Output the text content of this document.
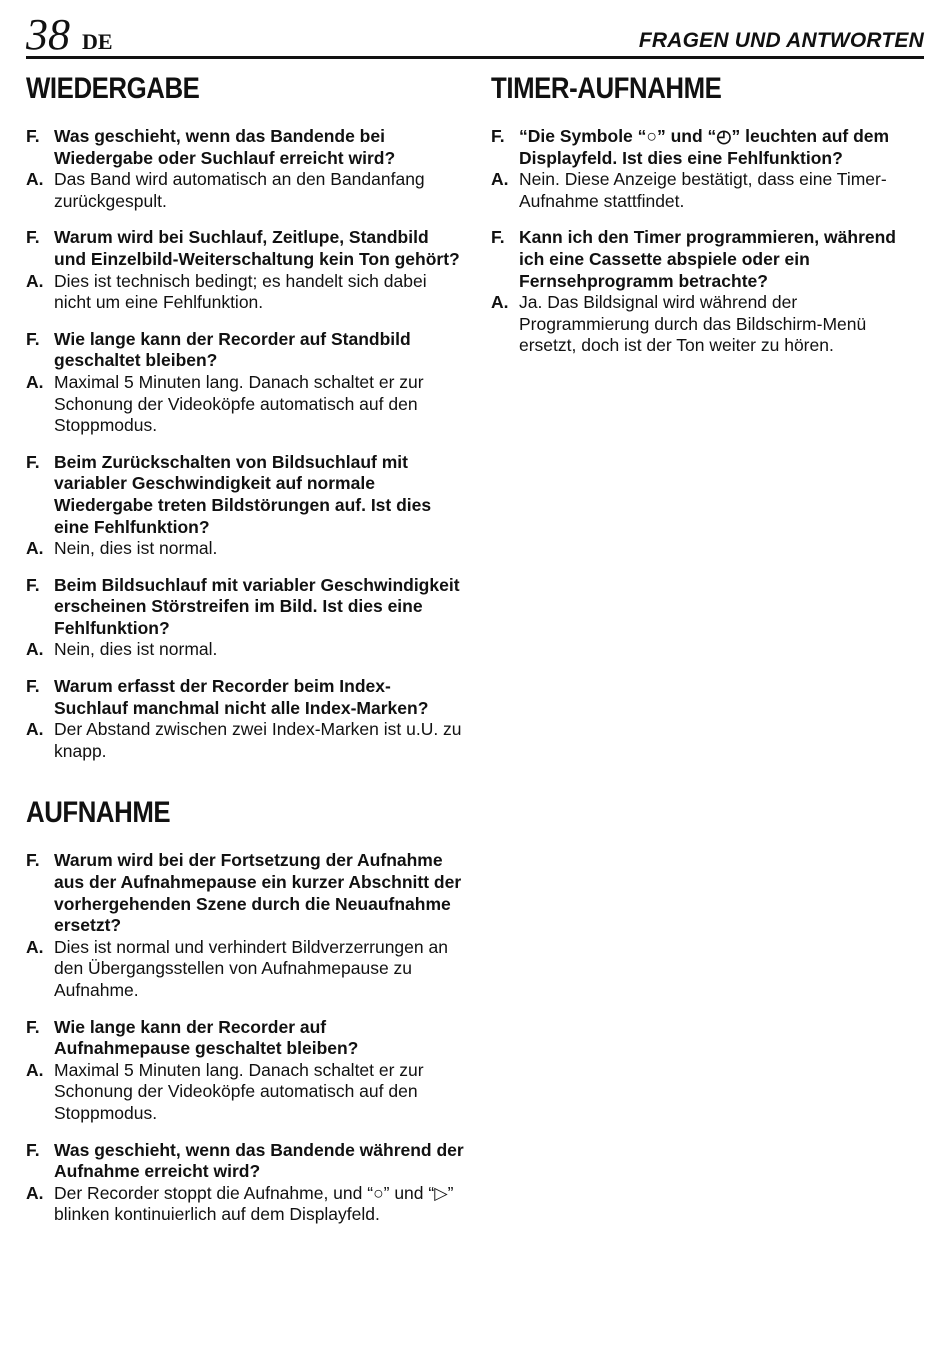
38 DE	FRAGEN UND ANTWORTEN
WIEDERGABE
F. Was geschieht, wenn das Bandende bei Wiedergabe oder Suchlauf erreicht wird?
A. Das Band wird automatisch an den Bandanfang zurückgespult.
F. Warum wird bei Suchlauf, Zeitlupe, Standbild und Einzelbild-Weiterschaltung kein Ton gehört?
A. Dies ist technisch bedingt; es handelt sich dabei nicht um eine Fehlfunktion.
F. Wie lange kann der Recorder auf Standbild geschaltet bleiben?
A. Maximal 5 Minuten lang. Danach schaltet er zur Schonung der Videoköpfe automatisch auf den Stoppmodus.
F. Beim Zurückschalten von Bildsuchlauf mit variabler Geschwindigkeit auf normale Wiedergabe treten Bildstörungen auf. Ist dies eine Fehlfunktion?
A. Nein, dies ist normal.
F. Beim Bildsuchlauf mit variabler Geschwindigkeit erscheinen Störstreifen im Bild. Ist dies eine Fehlfunktion?
A. Nein, dies ist normal.
F. Warum erfasst der Recorder beim Index-Suchlauf manchmal nicht alle Index-Marken?
A. Der Abstand zwischen zwei Index-Marken ist u.U. zu knapp.
AUFNAHME
F. Warum wird bei der Fortsetzung der Aufnahme aus der Aufnahmepause ein kurzer Abschnitt der vorhergehenden Szene durch die Neuaufnahme ersetzt?
A. Dies ist normal und verhindert Bildverzerrungen an den Übergangsstellen von Aufnahmepause zu Aufnahme.
F. Wie lange kann der Recorder auf Aufnahmepause geschaltet bleiben?
A. Maximal 5 Minuten lang. Danach schaltet er zur Schonung der Videoköpfe automatisch auf den Stoppmodus.
F. Was geschieht, wenn das Bandende während der Aufnahme erreicht wird?
A. Der Recorder stoppt die Aufnahme, und “○” und “▷” blinken kontinuierlich auf dem Displayfeld.
TIMER-AUFNAHME
F. “Die Symbole “○” und “◴” leuchten auf dem Displayfeld. Ist dies eine Fehlfunktion?
A. Nein. Diese Anzeige bestätigt, dass eine Timer-Aufnahme stattfindet.
F. Kann ich den Timer programmieren, während ich eine Cassette abspiele oder ein Fernsehprogramm betrachte?
A. Ja. Das Bildsignal wird während der Programmierung durch das Bildschirm-Menü ersetzt, doch ist der Ton weiter zu hören.
